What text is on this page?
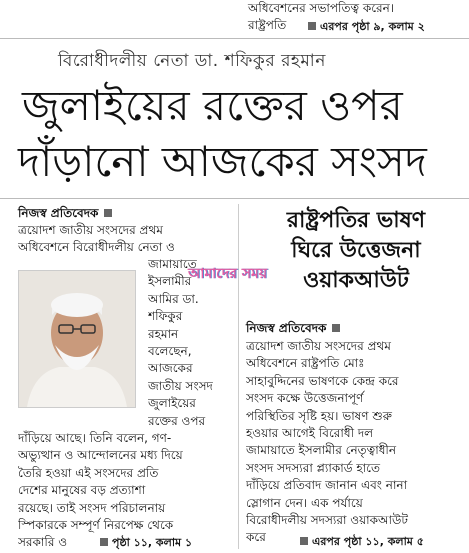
অধিবেশনের সভাপতিত্ব করেন।
রাষ্ট্রপতি	এরপর পৃষ্ঠা ৯, কলাম ২
বিরোধীদলীয় নেতা ডা. শফিকুর রহমান
জুলাইয়ের রক্তের ওপর
দাঁড়ানো আজকের সংসদ
নিজস্ব প্রতিবেদক
ত্রয়োদশ জাতীয় সংসদের প্রথম
অধিবেশনে বিরোধীদলীয় নেতা ও
জামায়াতে
ইসলামীর
আমির ডা.
শফিকুর
রহমান
বলেছেন,
আজকের
জাতীয় সংসদ
জুলাইয়ের
রক্তের ওপর
দাঁড়িয়ে আছে। তিনি বলেন, গণ-
অভ্যুত্থান ও আন্দোলনের মধ্য দিয়ে
তৈরি হওয়া এই সংসদের প্রতি
দেশের মানুষের বড় প্রত্যাশা
রয়েছে। তাই সংসদ পরিচালনায়
স্পিকারকে সম্পূর্ণ নিরপেক্ষ থেকে
সরকারি ও	পৃষ্ঠা ১১, কলাম ১
রাষ্ট্রপতির ভাষণ
ঘিরে উত্তেজনা
ওয়াকআউট
আমাদের সময়
নিজস্ব প্রতিবেদক
ত্রয়োদশ জাতীয় সংসদের প্রথম
অধিবেশনে রাষ্ট্রপতি মোঃ
সাহাবুদ্দিনের ভাষণকে কেন্দ্র করে
সংসদ কক্ষে উত্তেজনাপূর্ণ
পরিস্থিতির সৃষ্টি হয়। ভাষণ শুরু
হওয়ার আগেই বিরোধী দল
জামায়াতে ইসলামীর নেতৃত্বাধীন
সংসদ সদস্যরা প্ল্যাকার্ড হাতে
দাঁড়িয়ে প্রতিবাদ জানান এবং নানা
স্লোগান দেন। এক পর্যায়ে
বিরোধীদলীয় সদস্যরা ওয়াকআউট
করে	এরপর পৃষ্ঠা ১১, কলাম ৫
